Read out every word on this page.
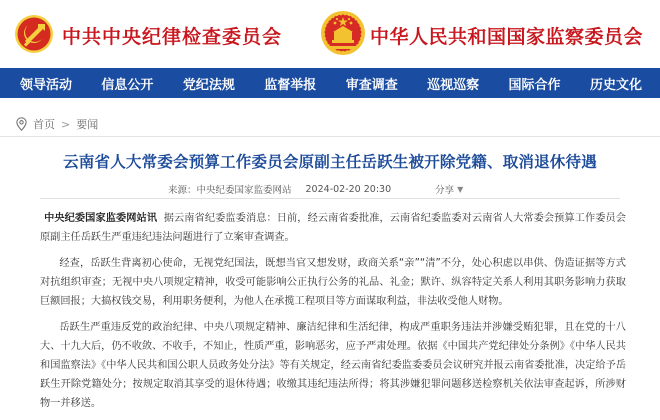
中共中央纪律检查委员会	中华人民共和国国家监察委员会
领导活动 信息公开 党纪法规 监督举报 审查调查 巡视巡察 国际合作 历史文化
首页 > 要闻
云南省人大常委会预算工作委员会原副主任岳跃生被开除党籍、取消退休待遇
来源：中央纪委国家监委网站 2024-02-20 20:30	分享 ▼

中央纪委国家监委网站讯 据云南省纪委监委消息：日前，经云南省委批准，云南省纪委监委对云南省人大常委会预算工作委员会原副主任岳跃生严重违纪违法问题进行了立案审查调查。

经查，岳跃生背离初心使命，无视党纪国法，既想当官又想发财，政商关系“亲”“清”不分，处心积虑以串供、伪造证据等方式对抗组织审查；无视中央八项规定精神，收受可能影响公正执行公务的礼品、礼金；默许、纵容特定关系人利用其职务影响力获取巨额回报；大搞权钱交易，利用职务便利，为他人在承揽工程项目等方面谋取利益，非法收受他人财物。

岳跃生严重违反党的政治纪律、中央八项规定精神、廉洁纪律和生活纪律，构成严重职务违法并涉嫌受贿犯罪，且在党的十八大、十九大后，仍不收敛、不收手，不知止，性质严重，影响恶劣，应予严肃处理。依据《中国共产党纪律处分条例》《中华人民共和国监察法》《中华人民共和国公职人员政务处分法》等有关规定，经云南省纪委监委委员会议研究并报云南省委批准，决定给予岳跃生开除党籍处分；按规定取消其享受的退休待遇；收缴其违纪违法所得；将其涉嫌犯罪问题移送检察机关依法审查起诉，所涉财物一并移送。
